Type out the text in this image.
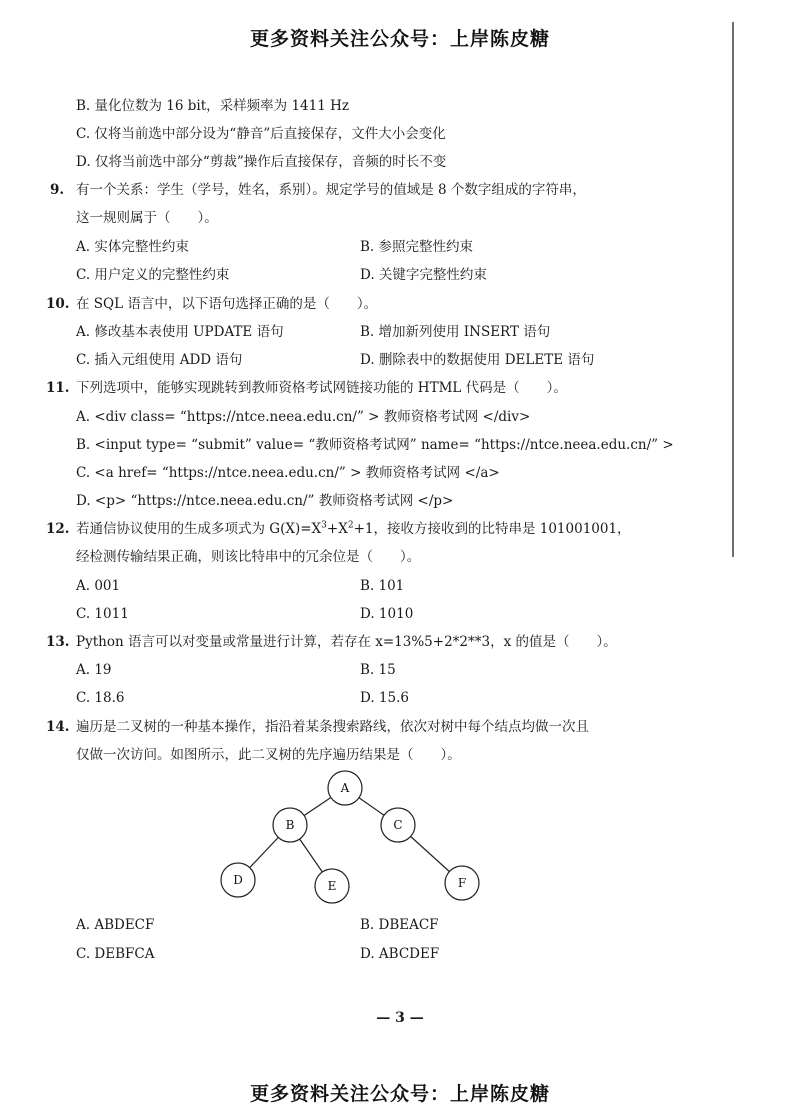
更多资料关注公众号：上岸陈皮糖
B. 量化位数为 16 bit，采样频率为 1411 Hz
C. 仅将当前选中部分设为“静音”后直接保存，文件大小会变化
D. 仅将当前选中部分“剪裁”操作后直接保存，音频的时长不变
9. 有一个关系：学生（学号，姓名，系别）。规定学号的值域是 8 个数字组成的字符串，
这一规则属于（　　）。
A. 实体完整性约束	B. 参照完整性约束
C. 用户定义的完整性约束	D. 关键字完整性约束
10. 在 SQL 语言中，以下语句选择正确的是（　　）。
A. 修改基本表使用 UPDATE 语句	B. 增加新列使用 INSERT 语句
C. 插入元组使用 ADD 语句	D. 删除表中的数据使用 DELETE 语句
11. 下列选项中，能够实现跳转到教师资格考试网链接功能的 HTML 代码是（　　）。
A. <div class= “https://ntce.neea.edu.cn/” > 教师资格考试网 </div>
B. <input type= “submit” value= “教师资格考试网” name= “https://ntce.neea.edu.cn/” >
C. <a href= “https://ntce.neea.edu.cn/” > 教师资格考试网 </a>
D. <p> “https://ntce.neea.edu.cn/” 教师资格考试网 </p>
12. 若通信协议使用的生成多项式为 $G(X)=X^3+X^2+1$，接收方接收到的比特串是 101001001，
经检测传输结果正确，则该比特串中的冗余位是（　　）。
A. 001	B. 101
C. 1011	D. 1010
13. Python 语言可以对变量或常量进行计算，若存在 x=13%5+2*2**3，x 的值是（　　）。
A. 19	B. 15
C. 18.6	D. 15.6
14. 遍历是二叉树的一种基本操作，指沿着某条搜索路线，依次对树中每个结点均做一次且
仅做一次访问。如图所示，此二叉树的先序遍历结果是（　　）。
A
B	C
D	E	F
A. ABDECF	B. DBEACF
C. DEBFCA	D. ABCDEF
— 3 —
更多资料关注公众号：上岸陈皮糖
